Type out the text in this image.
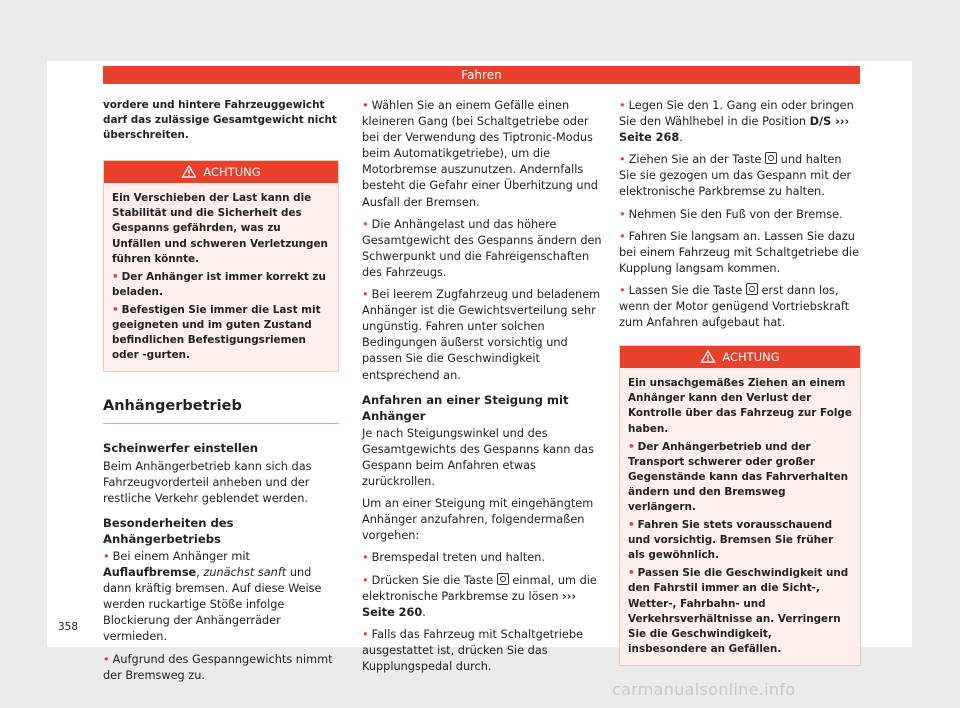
Fahren

vordere und hintere Fahrzeuggewicht darf das zulässige Gesamtgewicht nicht überschreiten.

ACHTUNG

Ein Verschieben der Last kann die Stabilität und die Sicherheit des Gespanns gefährden, was zu Unfällen und schweren Verletzungen führen könnte.

• Der Anhänger ist immer korrekt zu beladen.

• Befestigen Sie immer die Last mit geeigneten und im guten Zustand befindlichen Befestigungsriemen oder -gurten.

Anhängerbetrieb

Scheinwerfer einstellen

Beim Anhängerbetrieb kann sich das Fahrzeugvorderteil anheben und der restliche Verkehr geblendet werden.

Besonderheiten des Anhängerbetriebs

• Bei einem Anhänger mit Auflaufbremse, zunächst sanft und dann kräftig bremsen. Auf diese Weise werden ruckartige Stöße infolge Blockierung der Anhängerräder vermieden.

• Aufgrund des Gespanngewichts nimmt der Bremsweg zu.

• Wählen Sie an einem Gefälle einen kleineren Gang (bei Schaltgetriebe oder bei der Verwendung des Tiptronic-Modus beim Automatikgetriebe), um die Motorbremse auszunutzen. Andernfalls besteht die Gefahr einer Überhitzung und Ausfall der Bremsen.

• Die Anhängelast und das höhere Gesamtgewicht des Gespanns ändern den Schwerpunkt und die Fahreigenschaften des Fahrzeugs.

• Bei leerem Zugfahrzeug und beladenem Anhänger ist die Gewichtsverteilung sehr ungünstig. Fahren unter solchen Bedingungen äußerst vorsichtig und passen Sie die Geschwindigkeit entsprechend an.

Anfahren an einer Steigung mit Anhänger

Je nach Steigungswinkel und des Gesamtgewichts des Gespanns kann das Gespann beim Anfahren etwas zurückrollen.

Um an einer Steigung mit eingehängtem Anhänger anzufahren, folgendermaßen vorgehen:

• Bremspedal treten und halten.

• Drücken Sie die Taste  einmal, um die elektronische Parkbremse zu lösen ››› Seite 260.

• Falls das Fahrzeug mit Schaltgetriebe ausgestattet ist, drücken Sie das Kupplungspedal durch.

• Legen Sie den 1. Gang ein oder bringen Sie den Wählhebel in die Position D/S ››› Seite 268.

• Ziehen Sie an der Taste  und halten Sie sie gezogen um das Gespann mit der elektronische Parkbremse zu halten.

• Nehmen Sie den Fuß von der Bremse.

• Fahren Sie langsam an. Lassen Sie dazu bei einem Fahrzeug mit Schaltgetriebe die Kupplung langsam kommen.

• Lassen Sie die Taste  erst dann los, wenn der Motor genügend Vortriebskraft zum Anfahren aufgebaut hat.

ACHTUNG

Ein unsachgemäßes Ziehen an einem Anhänger kann den Verlust der Kontrolle über das Fahrzeug zur Folge haben.

• Der Anhängerbetrieb und der Transport schwerer oder großer Gegenstände kann das Fahrverhalten ändern und den Bremsweg verlängern.

• Fahren Sie stets vorausschauend und vorsichtig. Bremsen Sie früher als gewöhnlich.

• Passen Sie die Geschwindigkeit und den Fahrstil immer an die Sicht-, Wetter-, Fahrbahn- und Verkehrsverhältnisse an. Verringern Sie die Geschwindigkeit, insbesondere an Gefällen.

358
carmanualsonline.info
